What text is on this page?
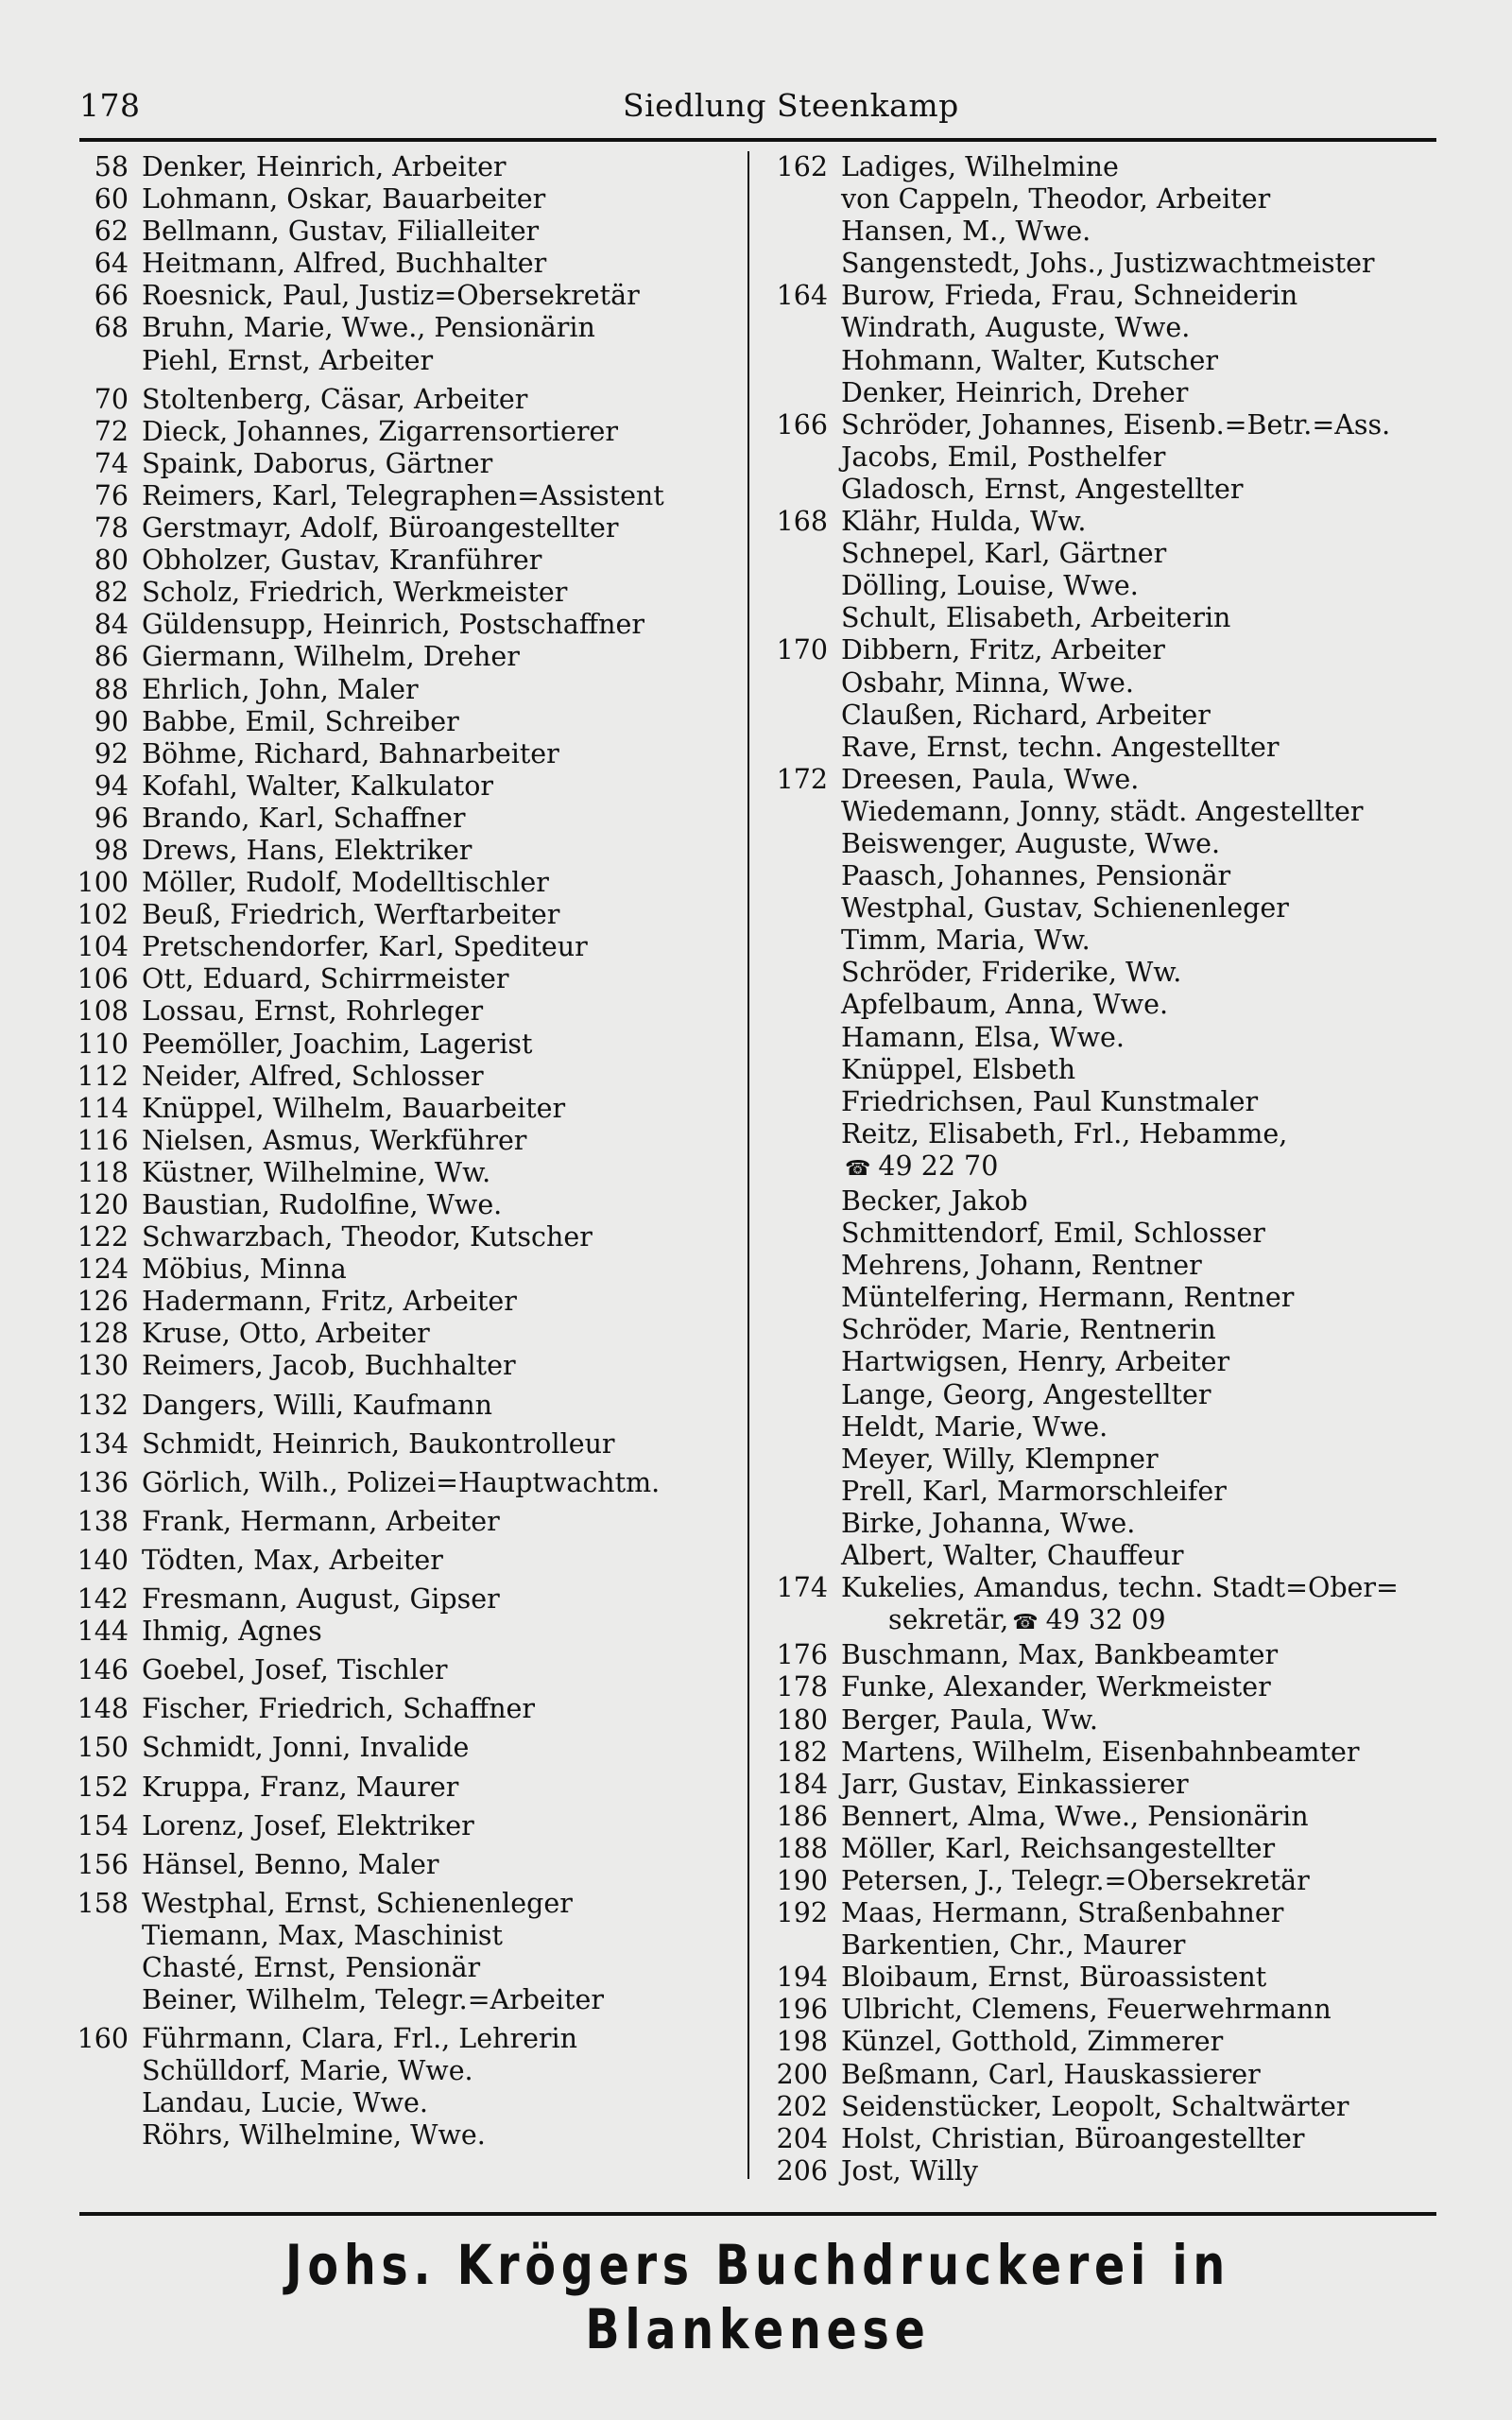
178	Siedlung Steenkamp
58 Denker, Heinrich, Arbeiter
60 Lohmann, Oskar, Bauarbeiter
62 Bellmann, Gustav, Filialleiter
64 Heitmann, Alfred, Buchhalter
66 Roesnick, Paul, Justiz=Obersekretär
68 Bruhn, Marie, Wwe., Pensionärin
Piehl, Ernst, Arbeiter
70 Stoltenberg, Cäsar, Arbeiter
72 Dieck, Johannes, Zigarrensortierer
74 Spaink, Daborus, Gärtner
76 Reimers, Karl, Telegraphen=Assistent
78 Gerstmayr, Adolf, Büroangestellter
80 Obholzer, Gustav, Kranführer
82 Scholz, Friedrich, Werkmeister
84 Güldensupp, Heinrich, Postschaffner
86 Giermann, Wilhelm, Dreher
88 Ehrlich, John, Maler
90 Babbe, Emil, Schreiber
92 Böhme, Richard, Bahnarbeiter
94 Kofahl, Walter, Kalkulator
96 Brando, Karl, Schaffner
98 Drews, Hans, Elektriker
100 Möller, Rudolf, Modelltischler
102 Beuß, Friedrich, Werftarbeiter
104 Pretschendorfer, Karl, Spediteur
106 Ott, Eduard, Schirrmeister
108 Lossau, Ernst, Rohrleger
110 Peemöller, Joachim, Lagerist
112 Neider, Alfred, Schlosser
114 Knüppel, Wilhelm, Bauarbeiter
116 Nielsen, Asmus, Werkführer
118 Küstner, Wilhelmine, Ww.
120 Baustian, Rudolfine, Wwe.
122 Schwarzbach, Theodor, Kutscher
124 Möbius, Minna
126 Hadermann, Fritz, Arbeiter
128 Kruse, Otto, Arbeiter
130 Reimers, Jacob, Buchhalter
132 Dangers, Willi, Kaufmann
134 Schmidt, Heinrich, Baukontrolleur
136 Görlich, Wilh., Polizei=Hauptwachtm.
138 Frank, Hermann, Arbeiter
140 Tödten, Max, Arbeiter
142 Fresmann, August, Gipser
144 Ihmig, Agnes
146 Goebel, Josef, Tischler
148 Fischer, Friedrich, Schaffner
150 Schmidt, Jonni, Invalide
152 Kruppa, Franz, Maurer
154 Lorenz, Josef, Elektriker
156 Hänsel, Benno, Maler
158 Westphal, Ernst, Schienenleger
Tiemann, Max, Maschinist
Chasté, Ernst, Pensionär
Beiner, Wilhelm, Telegr.=Arbeiter
160 Führmann, Clara, Frl., Lehrerin
Schülldorf, Marie, Wwe.
Landau, Lucie, Wwe.
Röhrs, Wilhelmine, Wwe.
162 Ladiges, Wilhelmine
von Cappeln, Theodor, Arbeiter
Hansen, M., Wwe.
Sangenstedt, Johs., Justizwachtmeister
164 Burow, Frieda, Frau, Schneiderin
Windrath, Auguste, Wwe.
Hohmann, Walter, Kutscher
Denker, Heinrich, Dreher
166 Schröder, Johannes, Eisenb.=Betr.=Ass.
Jacobs, Emil, Posthelfer
Gladosch, Ernst, Angestellter
168 Klähr, Hulda, Ww.
Schnepel, Karl, Gärtner
Dölling, Louise, Wwe.
Schult, Elisabeth, Arbeiterin
170 Dibbern, Fritz, Arbeiter
Osbahr, Minna, Wwe.
Claußen, Richard, Arbeiter
Rave, Ernst, techn. Angestellter
172 Dreesen, Paula, Wwe.
Wiedemann, Jonny, städt. Angestellter
Beiswenger, Auguste, Wwe.
Paasch, Johannes, Pensionär
Westphal, Gustav, Schienenleger
Timm, Maria, Ww.
Schröder, Friderike, Ww.
Apfelbaum, Anna, Wwe.
Hamann, Elsa, Wwe.
Knüppel, Elsbeth
Friedrichsen, Paul Kunstmaler
Reitz, Elisabeth, Frl., Hebamme,
☎ 49 22 70
Becker, Jakob
Schmittendorf, Emil, Schlosser
Mehrens, Johann, Rentner
Müntelfering, Hermann, Rentner
Schröder, Marie, Rentnerin
Hartwigsen, Henry, Arbeiter
Lange, Georg, Angestellter
Heldt, Marie, Wwe.
Meyer, Willy, Klempner
Prell, Karl, Marmorschleifer
Birke, Johanna, Wwe.
Albert, Walter, Chauffeur
174 Kukelies, Amandus, techn. Stadt=Ober=
sekretär, ☎ 49 32 09
176 Buschmann, Max, Bankbeamter
178 Funke, Alexander, Werkmeister
180 Berger, Paula, Ww.
182 Martens, Wilhelm, Eisenbahnbeamter
184 Jarr, Gustav, Einkassierer
186 Bennert, Alma, Wwe., Pensionärin
188 Möller, Karl, Reichsangestellter
190 Petersen, J., Telegr.=Obersekretär
192 Maas, Hermann, Straßenbahner
Barkentien, Chr., Maurer
194 Bloibaum, Ernst, Büroassistent
196 Ulbricht, Clemens, Feuerwehrmann
198 Künzel, Gotthold, Zimmerer
200 Beßmann, Carl, Hauskassierer
202 Seidenstücker, Leopolt, Schaltwärter
204 Holst, Christian, Büroangestellter
206 Jost, Willy
Johs. Krögers Buchdruckerei in Blankenese
